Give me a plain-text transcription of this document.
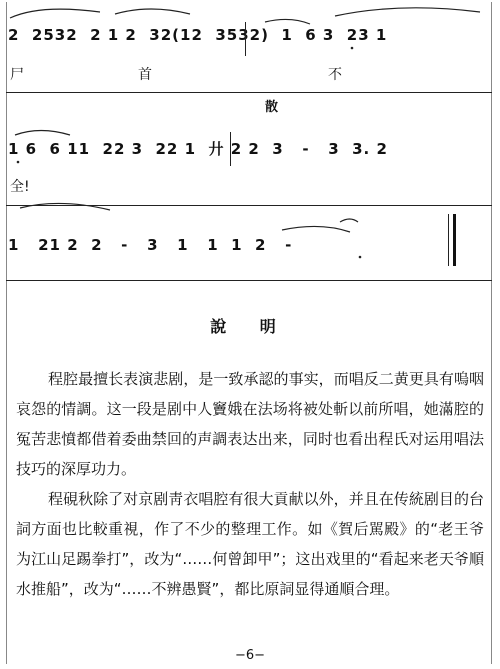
2  2532  2 1 2  32(12  3532)  1  6 3  23 1
尸	首	不
散
1 6  6 11  22 3  22 1  廾 2 2  3   -   3  3. 2
全!
1   21 2  2   -   3   1   1  1  2   -
說 明
程腔最擅长表演悲剧，是一致承認的事实，而唱反二黄更具有嗚咽哀怨的情調。这一段是剧中人竇娥在法场将被处斬以前所唱，她滿腔的冤苦悲憤都借着委曲禁回的声調表达出来，同时也看出程氏对运用唱法技巧的深厚功力。
程硯秋除了对京剧靑衣唱腔有很大貢献以外，并且在传統剧目的台詞方面也比較重視，作了不少的整理工作。如《賀后駡殿》的“老王爷为江山足踢拳打”，改为“……何曾卸甲”；这出戏里的“看起来老天爷順水推船”，改为“……不辨愚賢”，都比原詞显得通順合理。
−6−
